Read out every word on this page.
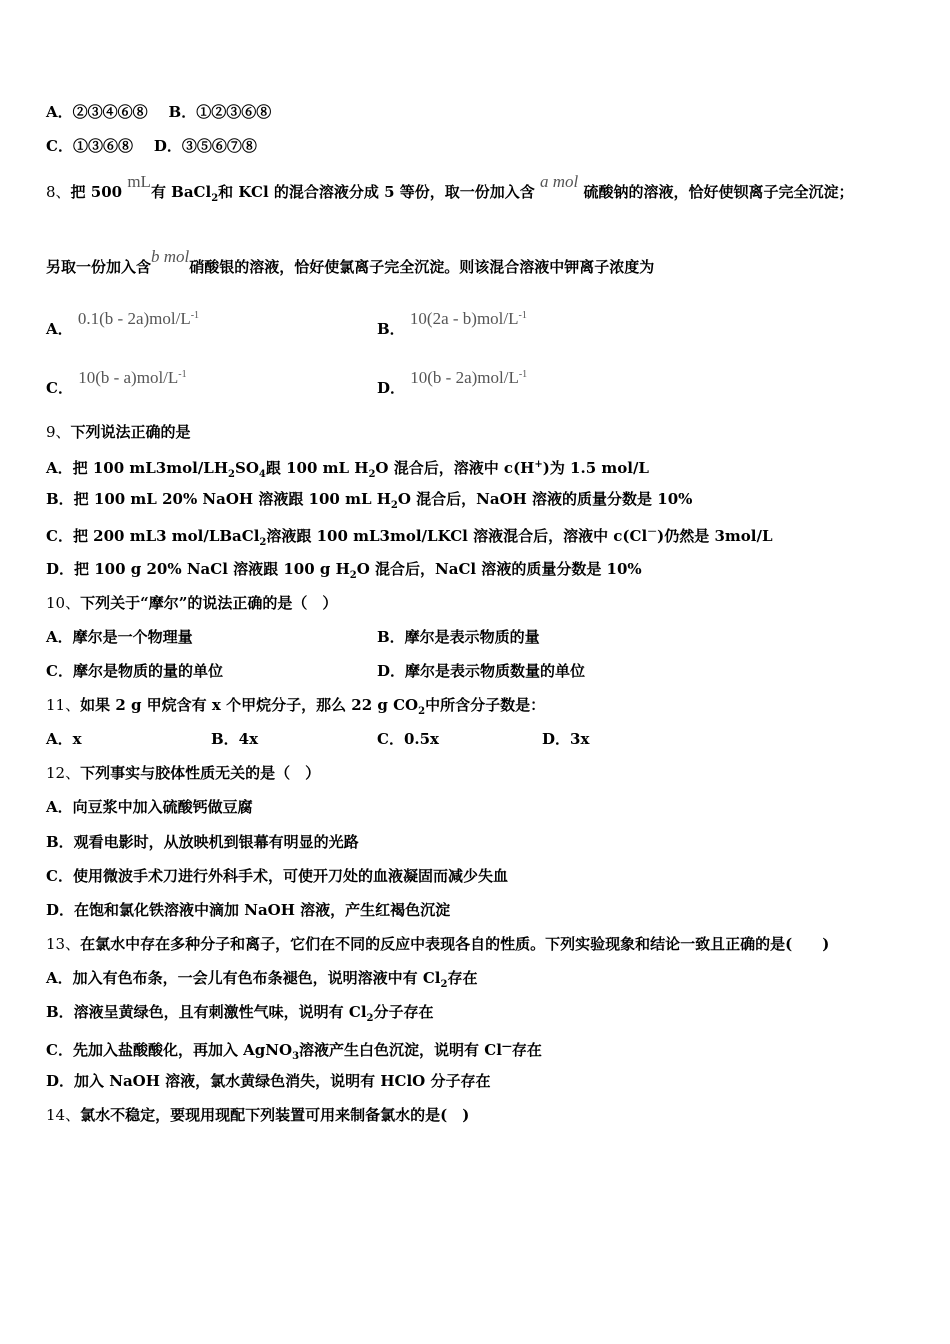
A．②③④⑥⑧ B．①②③⑥⑧
C．①③⑥⑧ D．③⑤⑥⑦⑧
8、把 500 mL有 BaCl$_2$和 KCl 的混合溶液分成 5 等份，取一份加入含 a mol 硫酸钠的溶液，恰好使钡离子完全沉淀；
另取一份加入含b mol硝酸银的溶液，恰好使氯离子完全沉淀。则该混合溶液中钾离子浓度为
A． $0.1(b - 2a)mol/L^{-1}$
B． $10(2a - b)mol/L^{-1}$
C． $10(b - a)mol/L^{-1}$
D． $10(b - 2a)mol/L^{-1}$
9、下列说法正确的是
A．把 100 $mL3mol/LH_2SO_4$跟 100 mL $H_2O$ 混合后，溶液中 c(H+)为 1.5 mol/L
B．把 100 mL 20% NaOH 溶液跟 100 mL $H_2O$ 混合后，NaOH 溶液的质量分数是 10%
C．把 200 mL3 mol/LBaCl$_2$溶液跟 100 mL3mol/LKCl 溶液混合后，溶液中 c(Cl－)仍然是 3mol/L
D．把 100 g 20% NaCl 溶液跟 100 g $H_2O$ 混合后，NaCl 溶液的质量分数是 10%
10、下列关于“摩尔”的说法正确的是（　）
A．摩尔是一个物理量	B．摩尔是表示物质的量
C．摩尔是物质的量的单位	D．摩尔是表示物质数量的单位
11、如果 2 g 甲烷含有 x 个甲烷分子，那么 22 g $CO_2$中所含分子数是：
A．x	B．4x	C．0.5x	D．3x
12、下列事实与胶体性质无关的是（　）
A．向豆浆中加入硫酸钙做豆腐
B．观看电影时，从放映机到银幕有明显的光路
C．使用微波手术刀进行外科手术，可使开刀处的血液凝固而减少失血
D．在饱和氯化铁溶液中滴加 NaOH 溶液，产生红褐色沉淀
13、在氯水中存在多种分子和离子，它们在不同的反应中表现各自的性质。下列实验现象和结论一致且正确的是(　　)
A．加入有色布条，一会儿有色布条褪色，说明溶液中有 $Cl_2$存在
B．溶液呈黄绿色，且有刺激性气味，说明有 $Cl_2$分子存在
C．先加入盐酸酸化，再加入 AgNO$_3$溶液产生白色沉淀，说明有 Cl—存在
D．加入 NaOH 溶液，氯水黄绿色消失，说明有 HClO 分子存在
14、氯水不稳定，要现用现配下列装置可用来制备氯水的是(　)
